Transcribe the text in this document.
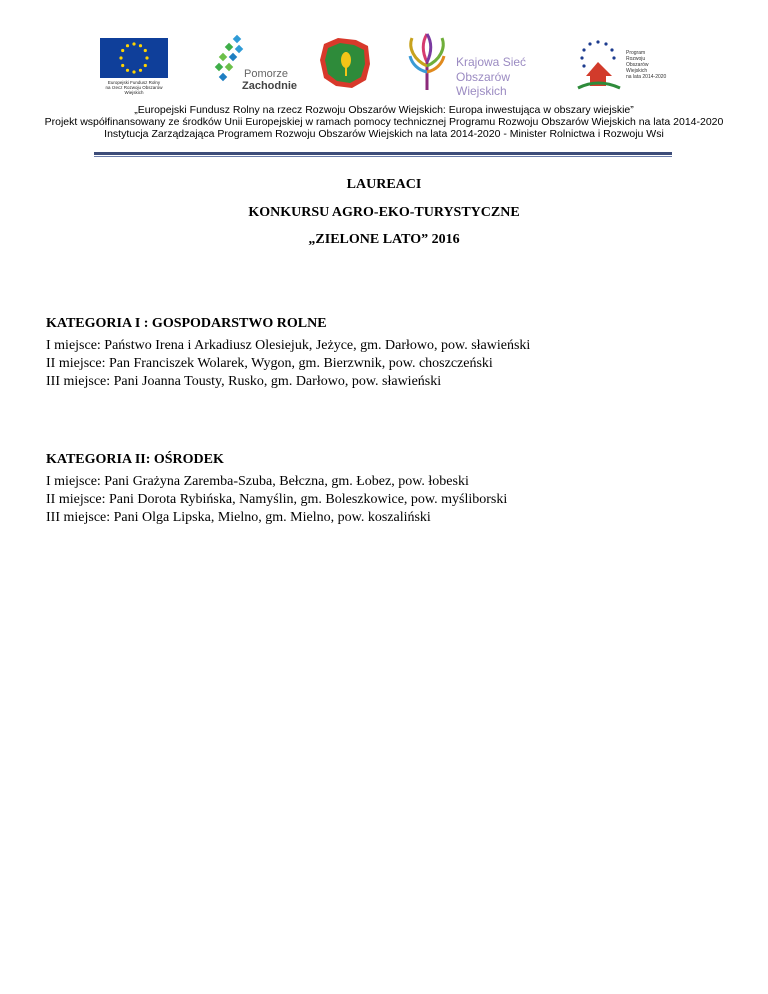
Europejski Fundusz Rolny
na rzecz Rozwoju Obszarów Wiejskich
Pomorze
Zachodnie
Krajowa Sieć
Obszarów Wiejskich
Program
Rozwoju
Obszarów
Wiejskich
na lata 2014-2020
„Europejski Fundusz Rolny na rzecz Rozwoju Obszarów Wiejskich: Europa inwestująca w obszary wiejskie”
Projekt współfinansowany ze środków Unii Europejskiej w ramach pomocy technicznej Programu Rozwoju Obszarów Wiejskich na lata 2014-2020
Instytucja Zarządzająca Programem Rozwoju Obszarów Wiejskich na lata 2014-2020 - Minister Rolnictwa i Rozwoju Wsi
LAUREACI
KONKURSU AGRO-EKO-TURYSTYCZNE
„ZIELONE LATO” 2016
KATEGORIA I : GOSPODARSTWO ROLNE
I miejsce: Państwo Irena i Arkadiusz Olesiejuk, Jeżyce, gm. Darłowo, pow. sławieński
II miejsce: Pan Franciszek Wolarek, Wygon, gm. Bierzwnik, pow. choszczeński
III miejsce: Pani Joanna Tousty, Rusko, gm. Darłowo, pow. sławieński
KATEGORIA II: OŚRODEK
I miejsce: Pani Grażyna Zaremba-Szuba, Bełczna, gm. Łobez, pow. łobeski
II miejsce: Pani Dorota Rybińska, Namyślin, gm. Boleszkowice, pow. myśliborski
III miejsce: Pani Olga Lipska, Mielno, gm. Mielno, pow. koszaliński
